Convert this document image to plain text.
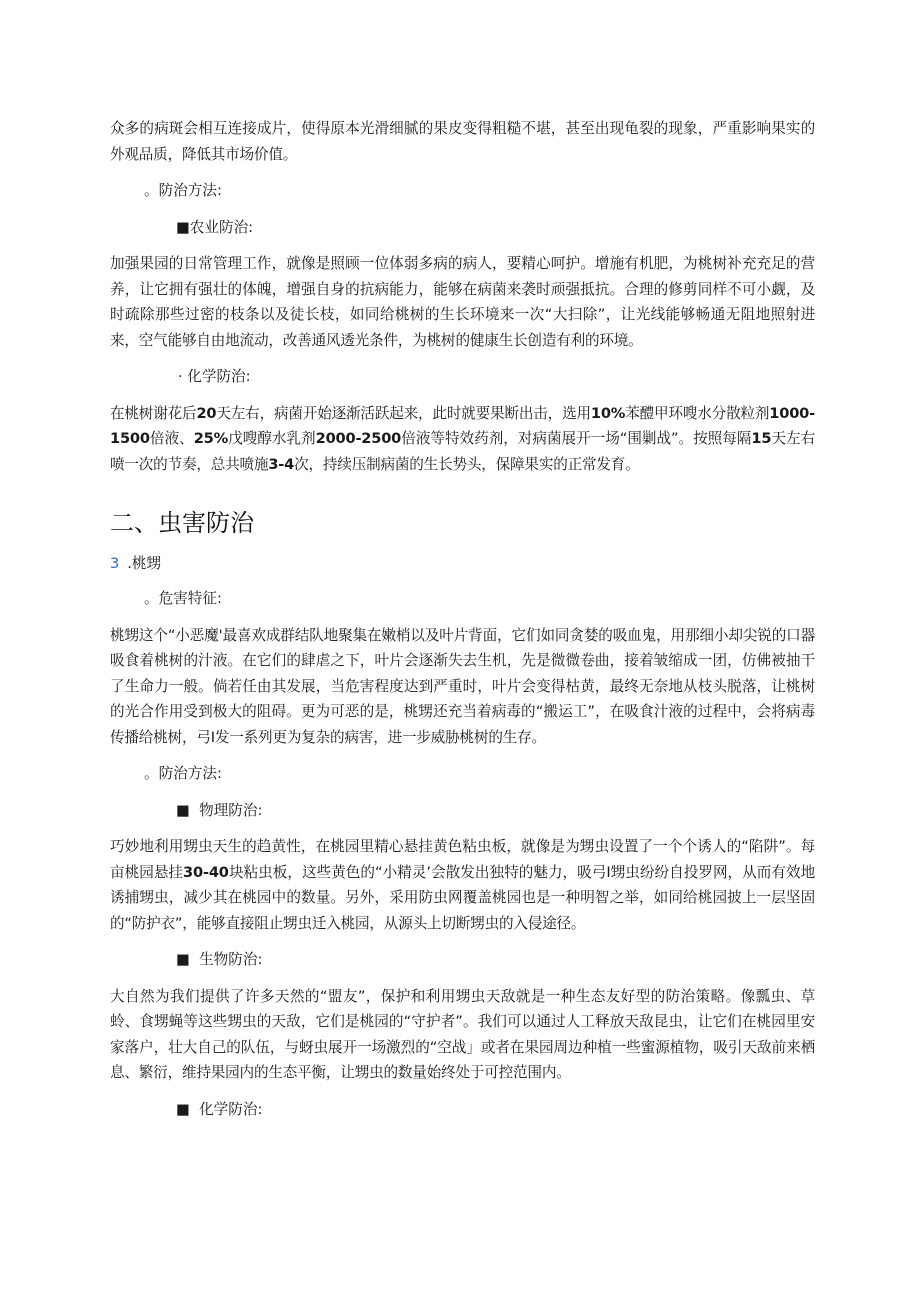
众多的病斑会相互连接成片，使得原本光滑细腻的果皮变得粗糙不堪，甚至出现龟裂的现象，严重影响果实的外观品质，降低其市场价值。

。防治方法:

■农业防治:

加强果园的日常管理工作，就像是照顾一位体弱多病的病人，要精心呵护。增施有机肥，为桃树补充充足的营养，让它拥有强壮的体魄，增强自身的抗病能力，能够在病菌来袭时顽强抵抗。合理的修剪同样不可小觑，及时疏除那些过密的枝条以及徒长枝，如同给桃树的生长环境来一次“大扫除”，让光线能够畅通无阻地照射进来，空气能够自由地流动，改善通风透光条件，为桃树的健康生长创造有利的环境。

· 化学防治:

在桃树谢花后20天左右，病菌开始逐渐活跃起来，此时就要果断出击，选用10%苯醴甲环嗖水分散粒剂1000-1500倍液、25%戊嗖醇水乳剂2000-2500倍液等特效药剂，对病菌展开一场“围剿战”。按照每隔15天左右喷一次的节奏，总共喷施3-4次，持续压制病菌的生长势头，保障果实的正常发育。

二、虫害防治

3 .桃甥

。危害特征:

桃甥这个“小恶魔'最喜欢成群结队地聚集在嫩梢以及叶片背面，它们如同贪婪的吸血鬼，用那细小却尖锐的口器吸食着桃树的汁液。在它们的肆虐之下，叶片会逐渐失去生机，先是微微卷曲，接着皱缩成一团，仿佛被抽干了生命力一般。倘若任由其发展，当危害程度达到严重时，叶片会变得枯黄，最终无奈地从枝头脱落，让桃树的光合作用受到极大的阻碍。更为可恶的是，桃甥还充当着病毒的“搬运工”，在吸食汁液的过程中，会将病毒传播给桃树，弓I发一系列更为复杂的病害，进一步威胁桃树的生存。

。防治方法:

■  物理防治:

巧妙地利用甥虫天生的趋黄性，在桃园里精心悬挂黄色粘虫板，就像是为甥虫设置了一个个诱人的“陷阱”。每亩桃园悬挂30-40块粘虫板，这些黄色的“小精灵’会散发出独特的魅力，吸弓I甥虫纷纷自投罗网，从而有效地诱捕甥虫，减少其在桃园中的数量。另外，采用防虫网覆盖桃园也是一种明智之举，如同给桃园披上一层坚固的“防护衣”，能够直接阻止甥虫迁入桃园，从源头上切断甥虫的入侵途径。

■  生物防治:

大自然为我们提供了许多天然的“盟友”，保护和利用甥虫天敌就是一种生态友好型的防治策略。像瓢虫、草蛉、食甥蝇等这些甥虫的天敌，它们是桃园的“守护者”。我们可以通过人工释放天敌昆虫，让它们在桃园里安家落户，壮大自己的队伍，与蚜虫展开一场激烈的“空战」或者在果园周边种植一些蜜源植物，吸引天敌前来栖息、繁衍，维持果园内的生态平衡，让甥虫的数量始终处于可控范围内。

■  化学防治:
